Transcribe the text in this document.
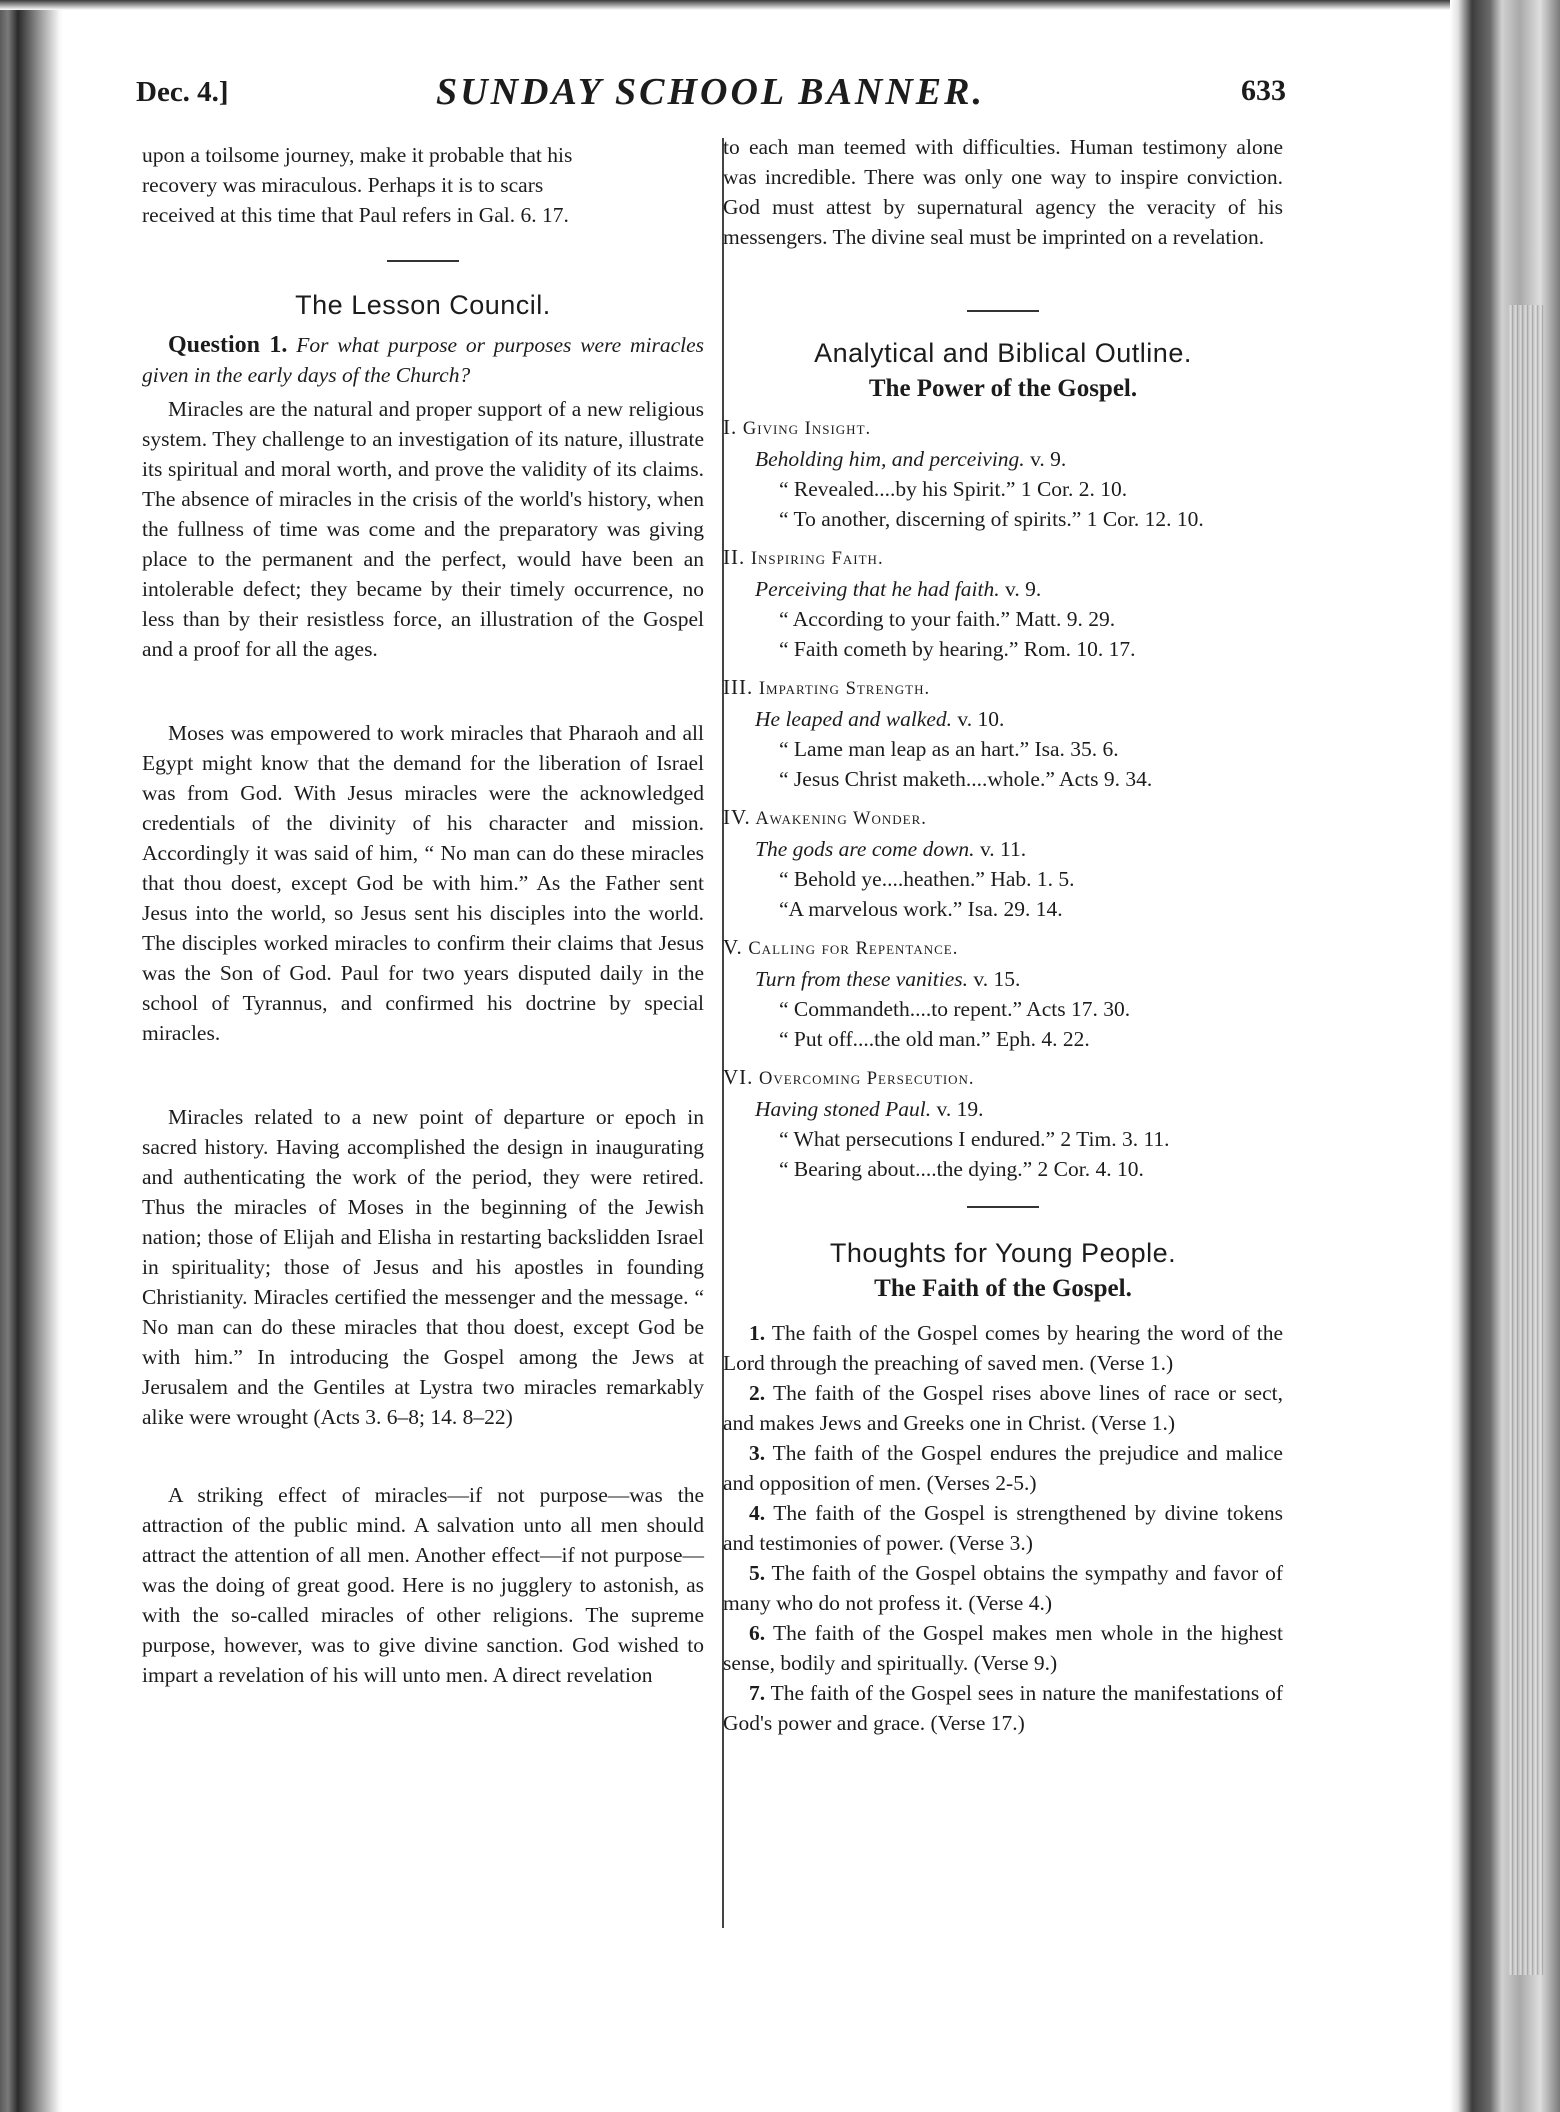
Dec. 4.]	SUNDAY SCHOOL BANNER.	633

upon a toilsome journey, make it probable that his

recovery was miraculous. Perhaps it is to scars

received at this time that Paul refers in Gal. 6. 17.

The Lesson Council.

Question 1. For what purpose or purposes were miracles given in the early days of the Church?

Miracles are the natural and proper support of a new religious system. They challenge to an investigation of its nature, illustrate its spiritual and moral worth, and prove the validity of its claims. The absence of miracles in the crisis of the world's history, when the fullness of time was come and the preparatory was giving place to the permanent and the perfect, would have been an intolerable defect; they became by their timely occurrence, no less than by their resistless force, an illustration of the Gospel and a proof for all the ages.

Moses was empowered to work miracles that Pharaoh and all Egypt might know that the demand for the liberation of Israel was from God. With Jesus miracles were the acknowledged credentials of the divinity of his character and mission. Accordingly it was said of him, “ No man can do these miracles that thou doest, except God be with him.” As the Father sent Jesus into the world, so Jesus sent his disciples into the world. The disciples worked miracles to confirm their claims that Jesus was the Son of God. Paul for two years disputed daily in the school of Tyrannus, and confirmed his doctrine by special miracles.

Miracles related to a new point of departure or epoch in sacred history. Having accomplished the design in inaugurating and authenticating the work of the period, they were retired. Thus the miracles of Moses in the beginning of the Jewish nation; those of Elijah and Elisha in restarting backslidden Israel in spirituality; those of Jesus and his apostles in founding Christianity. Miracles certified the messenger and the message. “ No man can do these miracles that thou doest, except God be with him.” In introducing the Gospel among the Jews at Jerusalem and the Gentiles at Lystra two miracles remarkably alike were wrought (Acts 3. 6–8; 14. 8–22)

A striking effect of miracles—if not purpose—was the attraction of the public mind. A salvation unto all men should attract the attention of all men. Another effect—if not purpose—was the doing of great good. Here is no jugglery to astonish, as with the so-called miracles of other religions. The supreme purpose, however, was to give divine sanction. God wished to impart a revelation of his will unto men. A direct revelation

to each man teemed with difficulties. Human testimony alone was incredible. There was only one way to inspire conviction. God must attest by supernatural agency the veracity of his messengers. The divine seal must be imprinted on a revelation.

Analytical and Biblical Outline.
The Power of the Gospel.

I. Giving Insight.

Beholding him, and perceiving. v. 9.

“ Revealed....by his Spirit.” 1 Cor. 2. 10.

“ To another, discerning of spirits.” 1 Cor. 12. 10.

II. Inspiring Faith.

Perceiving that he had faith. v. 9.

“ According to your faith.” Matt. 9. 29.

“ Faith cometh by hearing.” Rom. 10. 17.

III. Imparting Strength.

He leaped and walked. v. 10.

“ Lame man leap as an hart.” Isa. 35. 6.

“ Jesus Christ maketh....whole.” Acts 9. 34.

IV. Awakening Wonder.

The gods are come down. v. 11.

“ Behold ye....heathen.” Hab. 1. 5.

“A marvelous work.” Isa. 29. 14.

V. Calling for Repentance.

Turn from these vanities. v. 15.

“ Commandeth....to repent.” Acts 17. 30.

“ Put off....the old man.” Eph. 4. 22.

VI. Overcoming Persecution.

Having stoned Paul. v. 19.

“ What persecutions I endured.” 2 Tim. 3. 11.

“ Bearing about....the dying.” 2 Cor. 4. 10.

Thoughts for Young People.
The Faith of the Gospel.

1. The faith of the Gospel comes by hearing the word of the Lord through the preaching of saved men. (Verse 1.)

2. The faith of the Gospel rises above lines of race or sect, and makes Jews and Greeks one in Christ. (Verse 1.)

3. The faith of the Gospel endures the prejudice and malice and opposition of men. (Verses 2-5.)

4. The faith of the Gospel is strengthened by divine tokens and testimonies of power. (Verse 3.)

5. The faith of the Gospel obtains the sympathy and favor of many who do not profess it. (Verse 4.)

6. The faith of the Gospel makes men whole in the highest sense, bodily and spiritually. (Verse 9.)

7. The faith of the Gospel sees in nature the manifestations of God's power and grace. (Verse 17.)
